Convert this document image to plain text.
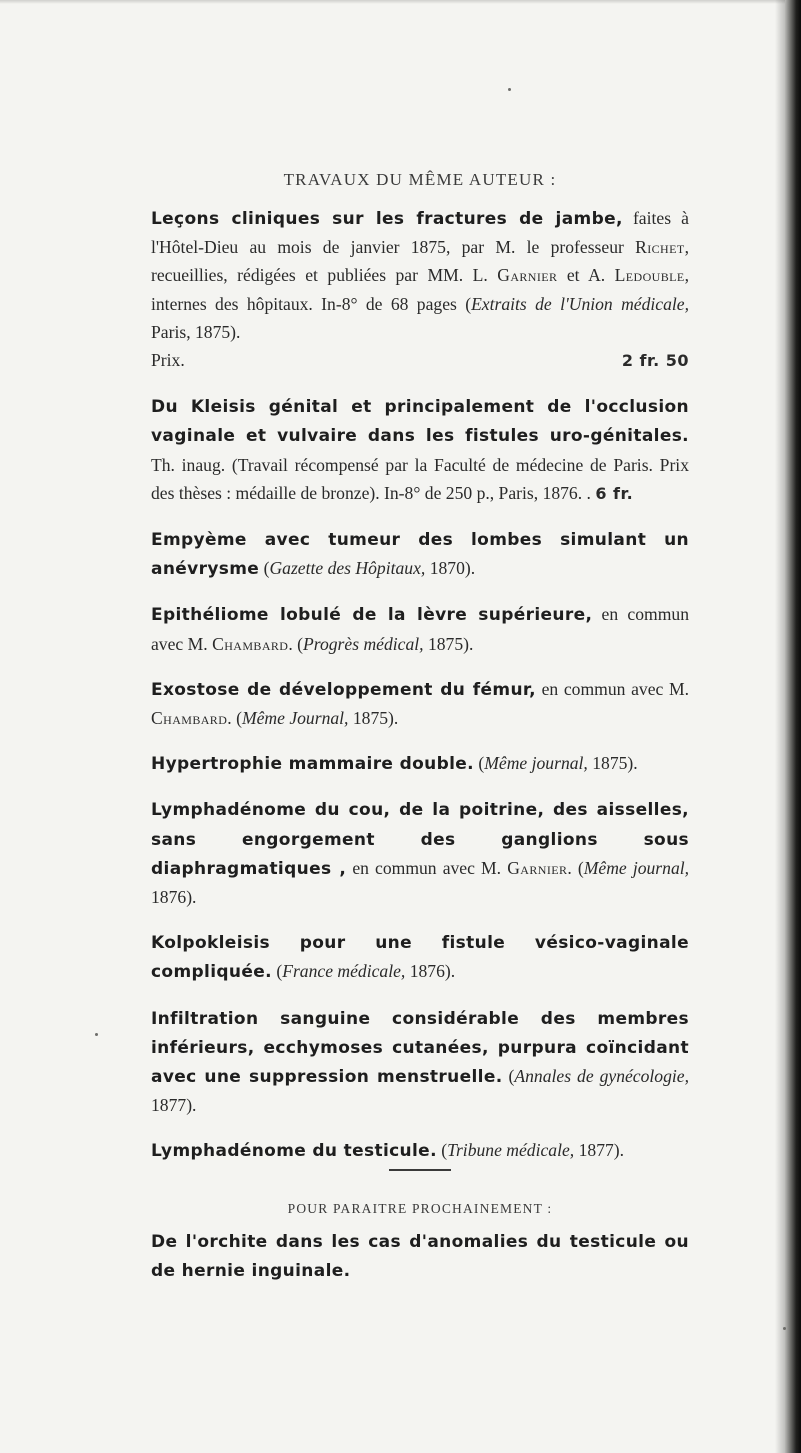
TRAVAUX DU MÊME AUTEUR :

Leçons cliniques sur les fractures de jambe, faites à l'Hôtel-Dieu au mois de janvier 1875, par M. le professeur Richet, recueillies, rédigées et publiées par MM. L. Garnier et A. Ledouble, internes des hôpitaux. In-8° de 68 pages (Extraits de l'Union médicale, Paris, 1875).
Prix.	2 fr. 50

Du Kleisis génital et principalement de l'occlusion vaginale et vulvaire dans les fistules uro-génitales. Th. inaug. (Travail récompensé par la Faculté de médecine de Paris. Prix des thèses : médaille de bronze). In-8° de 250 p., Paris, 1876. . 6 fr.

Empyème avec tumeur des lombes simulant un anévrysme (Gazette des Hôpitaux, 1870).

Epithéliome lobulé de la lèvre supérieure, en commun avec M. Chambard. (Progrès médical, 1875).

Exostose de développement du fémur, en commun avec M. Chambard. (Même Journal, 1875).

Hypertrophie mammaire double. (Même journal, 1875).

Lymphadénome du cou, de la poitrine, des aisselles, sans engorgement des ganglions sous diaphragmatiques , en commun avec M. Garnier. (Même journal, 1876).

Kolpokleisis pour une fistule vésico-vaginale compliquée. (France médicale, 1876).

Infiltration sanguine considérable des membres inférieurs, ecchymoses cutanées, purpura coïncidant avec une suppression menstruelle. (Annales de gynécologie, 1877).

Lymphadénome du testicule. (Tribune médicale, 1877).

POUR PARAITRE PROCHAINEMENT :

De l'orchite dans les cas d'anomalies du testicule ou de hernie inguinale.
